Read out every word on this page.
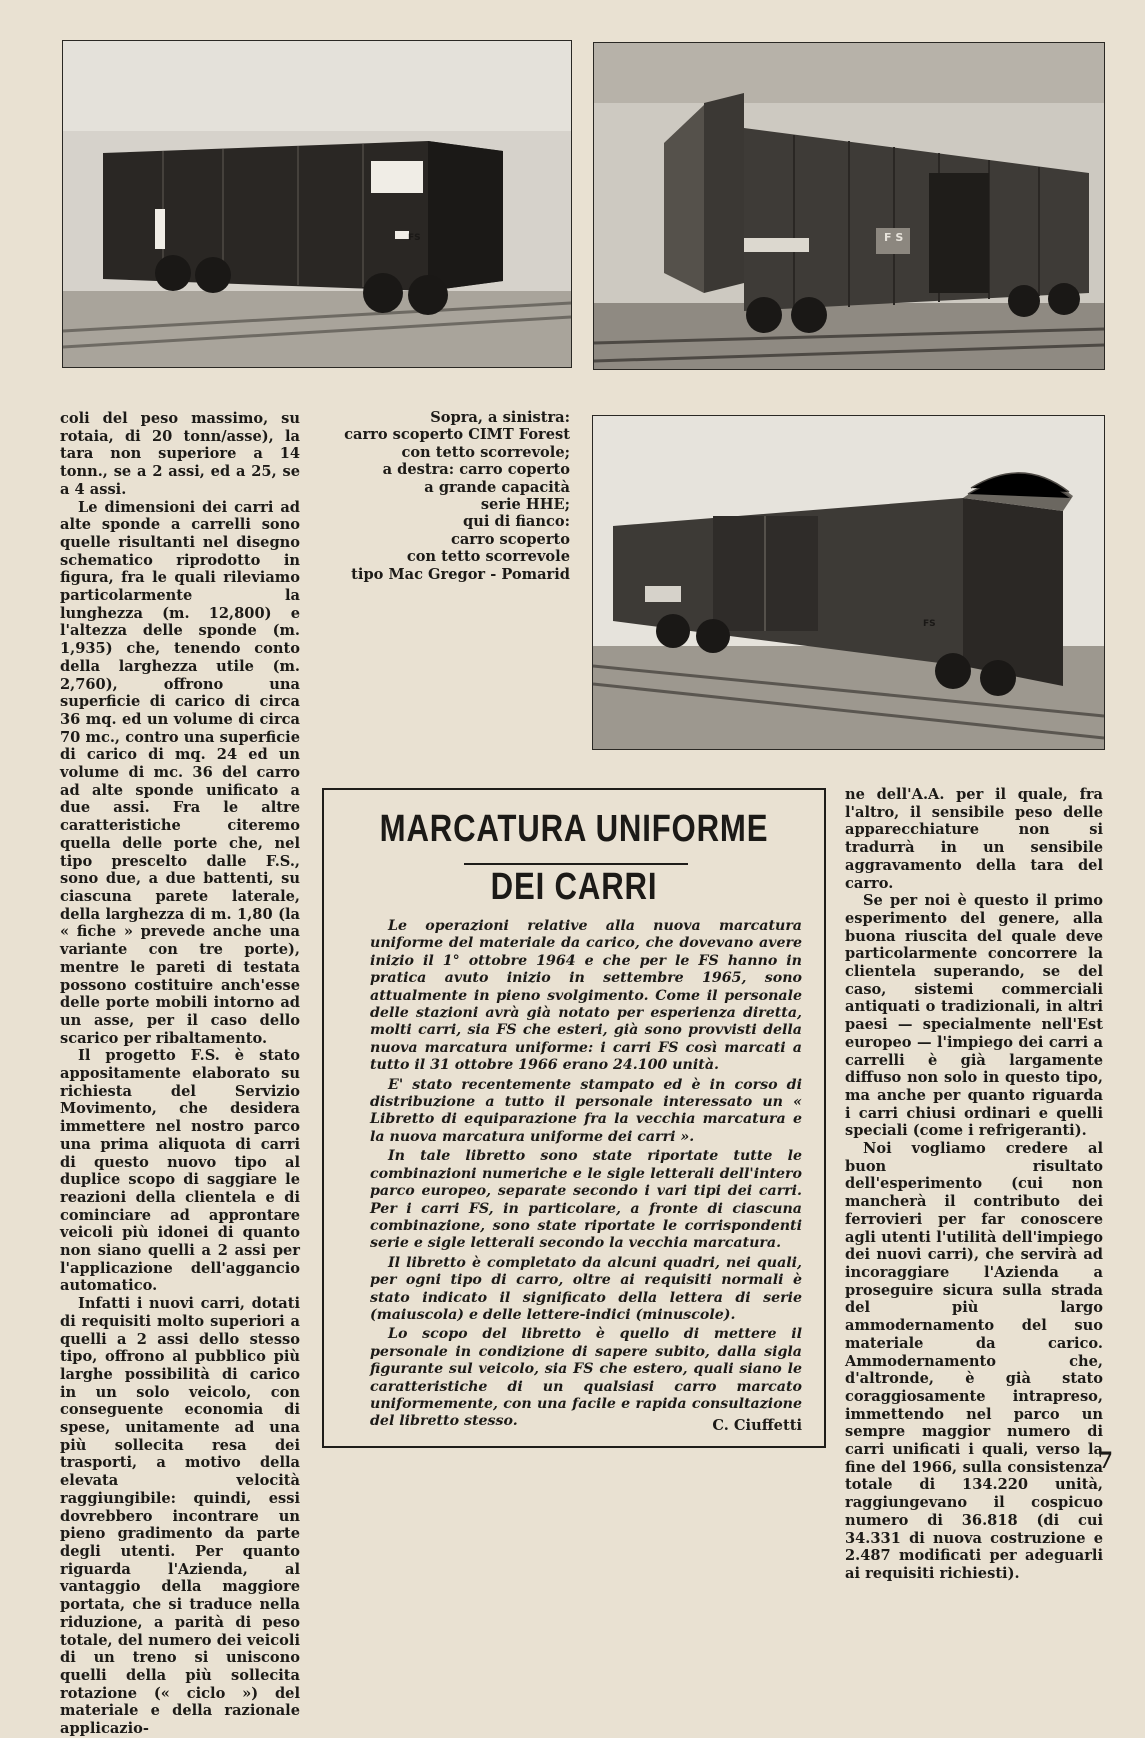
FS	F S
Sopra, a sinistra:
carro scoperto CIMT Forest
con tetto scorrevole;
a destra: carro coperto
a grande capacità
serie HHE;
qui di fianco:
carro scoperto
con tetto scorrevole
tipo Mac Gregor - Pomarid
FS

coli del peso massimo, su rotaia, di 20 tonn/asse), la tara non superiore a 14 tonn., se a 2 assi, ed a 25, se a 4 assi.

Le dimensioni dei carri ad alte sponde a carrelli sono quelle risultanti nel disegno schematico riprodotto in figura, fra le quali rileviamo particolarmente la lunghezza (m. 12,800) e l'altezza delle sponde (m. 1,935) che, tenendo conto della larghezza utile (m. 2,760), offrono una superficie di carico di circa 36 mq. ed un volume di circa 70 mc., contro una superficie di carico di mq. 24 ed un volume di mc. 36 del carro ad alte sponde unificato a due assi. Fra le altre caratteristiche citeremo quella delle porte che, nel tipo prescelto dalle F.S., sono due, a due battenti, su ciascuna parete laterale, della larghezza di m. 1,80 (la « fiche » prevede anche una variante con tre porte), mentre le pareti di testata possono costituire anch'esse delle porte mobili intorno ad un asse, per il caso dello scarico per ribaltamento.

Il progetto F.S. è stato appositamente elaborato su richiesta del Servizio Movimento, che desidera immettere nel nostro parco una prima aliquota di carri di questo nuovo tipo al duplice scopo di saggiare le reazioni della clientela e di cominciare ad approntare veicoli più idonei di quanto non siano quelli a 2 assi per l'applicazione dell'aggancio automatico.

Infatti i nuovi carri, dotati di requisiti molto superiori a quelli a 2 assi dello stesso tipo, offrono al pubblico più larghe possibilità di carico in un solo veicolo, con conseguente economia di spese, unitamente ad una più sollecita resa dei trasporti, a motivo della elevata velocità raggiungibile: quindi, essi dovrebbero incontrare un pieno gradimento da parte degli utenti. Per quanto riguarda l'Azienda, al vantaggio della maggiore portata, che si traduce nella riduzione, a parità di peso totale, del numero dei veicoli di un treno si uniscono quelli della più sollecita rotazione (« ciclo ») del materiale e della razionale applicazio-

MARCATURA UNIFORME
DEI CARRI

Le operazioni relative alla nuova marcatura uniforme del materiale da carico, che dovevano avere inizio il 1° ottobre 1964 e che per le FS hanno in pratica avuto inizio in settembre 1965, sono attualmente in pieno svolgimento. Come il personale delle stazioni avrà già notato per esperienza diretta, molti carri, sia FS che esteri, già sono provvisti della nuova marcatura uniforme: i carri FS così marcati a tutto il 31 ottobre 1966 erano 24.100 unità.

E' stato recentemente stampato ed è in corso di distribuzione a tutto il personale interessato un « Libretto di equiparazione fra la vecchia marcatura e la nuova marcatura uniforme dei carri ».

In tale libretto sono state riportate tutte le combinazioni numeriche e le sigle letterali dell'intero parco europeo, separate secondo i vari tipi dei carri. Per i carri FS, in particolare, a fronte di ciascuna combinazione, sono state riportate le corrispondenti serie e sigle letterali secondo la vecchia marcatura.

Il libretto è completato da alcuni quadri, nei quali, per ogni tipo di carro, oltre ai requisiti normali è stato indicato il significato della lettera di serie (maiuscola) e delle lettere-indici (minuscole).

Lo scopo del libretto è quello di mettere il personale in condizione di sapere subito, dalla sigla figurante sul veicolo, sia FS che estero, quali siano le caratteristiche di un qualsiasi carro marcato uniformemente, con una facile e rapida consultazione del libretto stesso.	C. Ciuffetti

ne dell'A.A. per il quale, fra l'altro, il sensibile peso delle apparecchiature non si tradurrà in un sensibile aggravamento della tara del carro.

Se per noi è questo il primo esperimento del genere, alla buona riuscita del quale deve particolarmente concorrere la clientela superando, se del caso, sistemi commerciali antiquati o tradizionali, in altri paesi — specialmente nell'Est europeo — l'impiego dei carri a carrelli è già largamente diffuso non solo in questo tipo, ma anche per quanto riguarda i carri chiusi ordinari e quelli speciali (come i refrigeranti).

Noi vogliamo credere al buon risultato dell'esperimento (cui non mancherà il contributo dei ferrovieri per far conoscere agli utenti l'utilità dell'impiego dei nuovi carri), che servirà ad incoraggiare l'Azienda a proseguire sicura sulla strada del più largo ammodernamento del suo materiale da carico. Ammodernamento che, d'altronde, è già stato coraggiosamente intrapreso, immettendo nel parco un sempre maggior numero di carri unificati i quali, verso la fine del 1966, sulla consistenza totale di 134.220 unità, raggiungevano il cospicuo numero di 36.818 (di cui 34.331 di nuova costruzione e 2.487 modificati per adeguarli ai requisiti richiesti).

7
